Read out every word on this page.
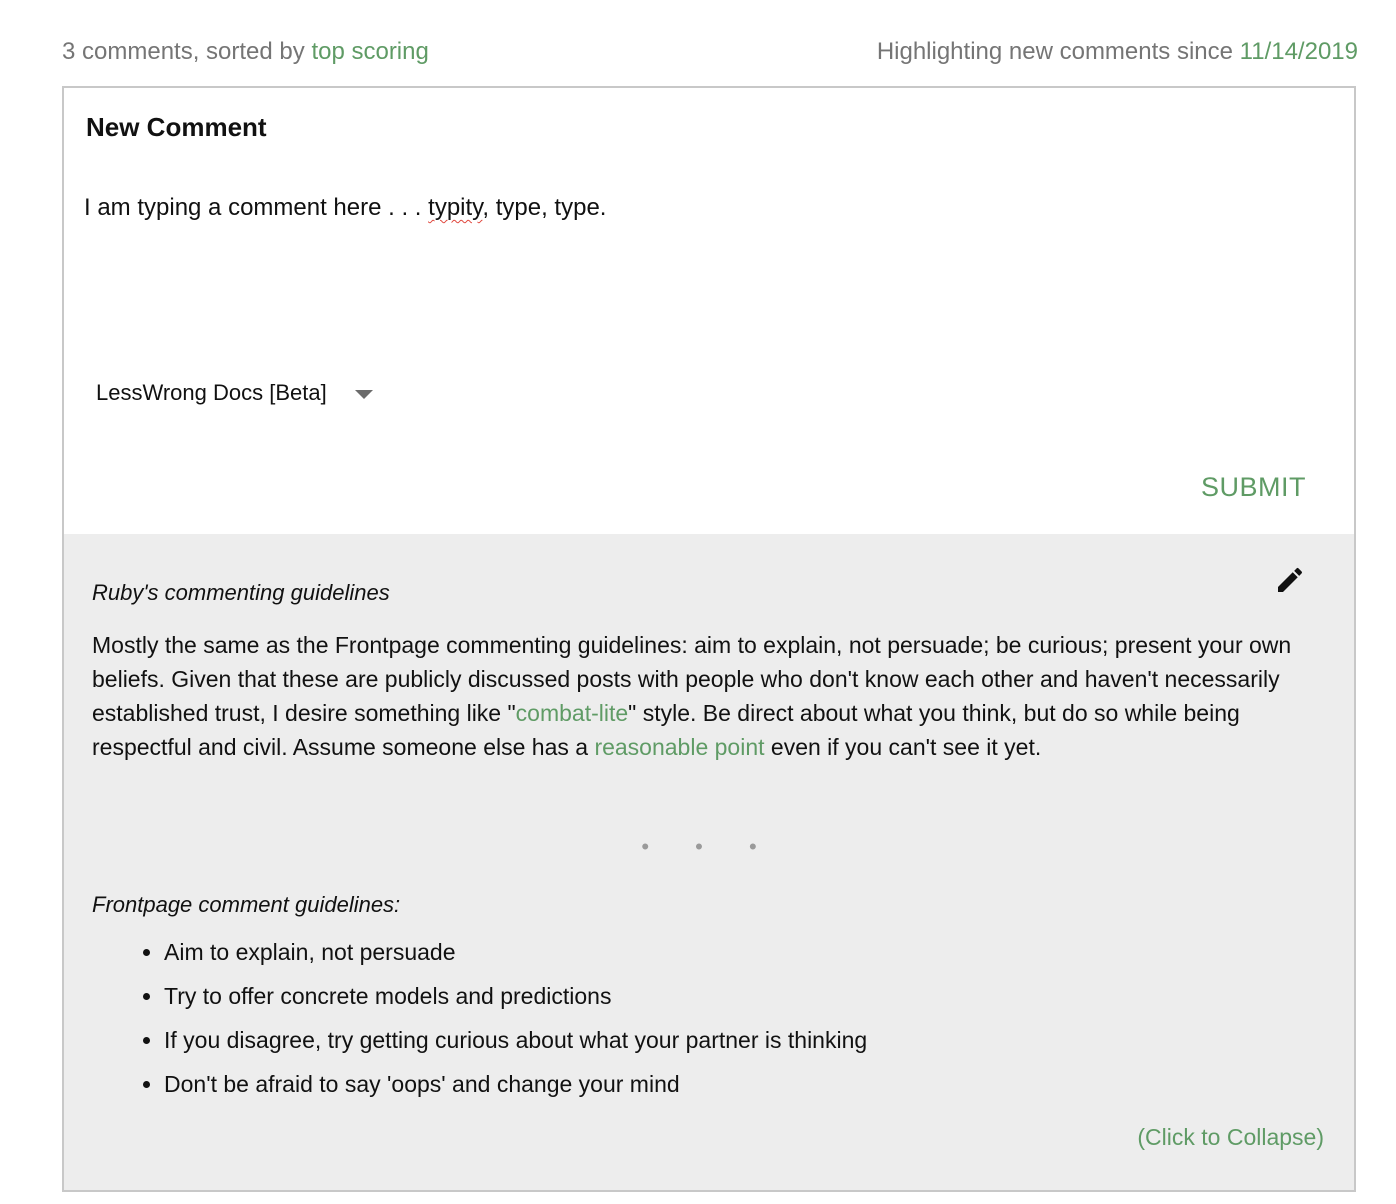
3 comments, sorted by top scoring	Highlighting new comments since 11/14/2019
New Comment
I am typing a comment here . . . typity, type, type.
LessWrong Docs [Beta]
SUBMIT
Ruby's commenting guidelines

Mostly the same as the Frontpage commenting guidelines: aim to explain, not persuade; be curious; present your own beliefs. Given that these are publicly discussed posts with people who don't know each other and haven't necessarily established trust, I desire something like "combat-lite" style. Be direct about what you think, but do so while being respectful and civil. Assume someone else has a reasonable point even if you can't see it yet.

• • •
Frontpage comment guidelines:
• Aim to explain, not persuade
• Try to offer concrete models and predictions
• If you disagree, try getting curious about what your partner is thinking
• Don't be afraid to say 'oops' and change your mind
(Click to Collapse)
